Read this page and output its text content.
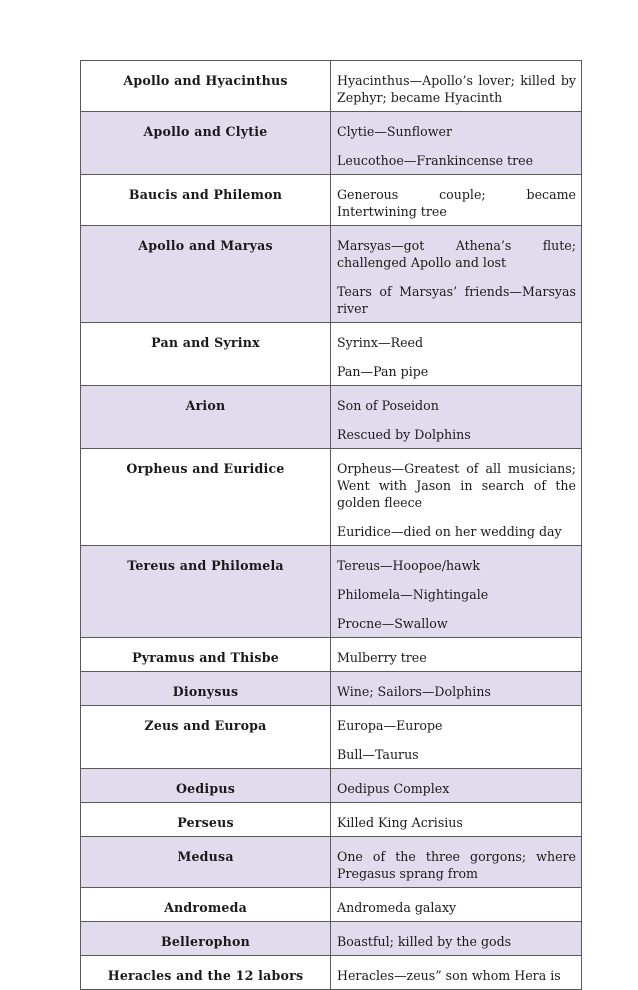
Apollo and Hyacinthus	Hyacinthus—Apollo’s lover; killed by Zephyr; became Hyacinth

Apollo and Clytie	Clytie—Sunflower
Leucothoe—Frankincense tree

Baucis and Philemon	Generous couple; became Intertwining tree

Apollo and Maryas	Marsyas—got Athena’s flute; challenged Apollo and lost
Tears of Marsyas’ friends—Marsyas river

Pan and Syrinx	Syrinx—Reed
Pan—Pan pipe

Arion	Son of Poseidon
Rescued by Dolphins

Orpheus and Euridice	Orpheus—Greatest of all musicians; Went with Jason in search of the golden fleece
Euridice—died on her wedding day

Tereus and Philomela	Tereus—Hoopoe/hawk
Philomela—Nightingale
Procne—Swallow

Pyramus and Thisbe	Mulberry tree

Dionysus	Wine; Sailors—Dolphins

Zeus and Europa	Europa—Europe
Bull—Taurus

Oedipus	Oedipus Complex

Perseus	Killed King Acrisius

Medusa	One of the three gorgons; where Pregasus sprang from

Andromeda	Andromeda galaxy

Bellerophon	Boastful; killed by the gods

Heracles and the 12 labors	Heracles—zeus” son whom Hera is
